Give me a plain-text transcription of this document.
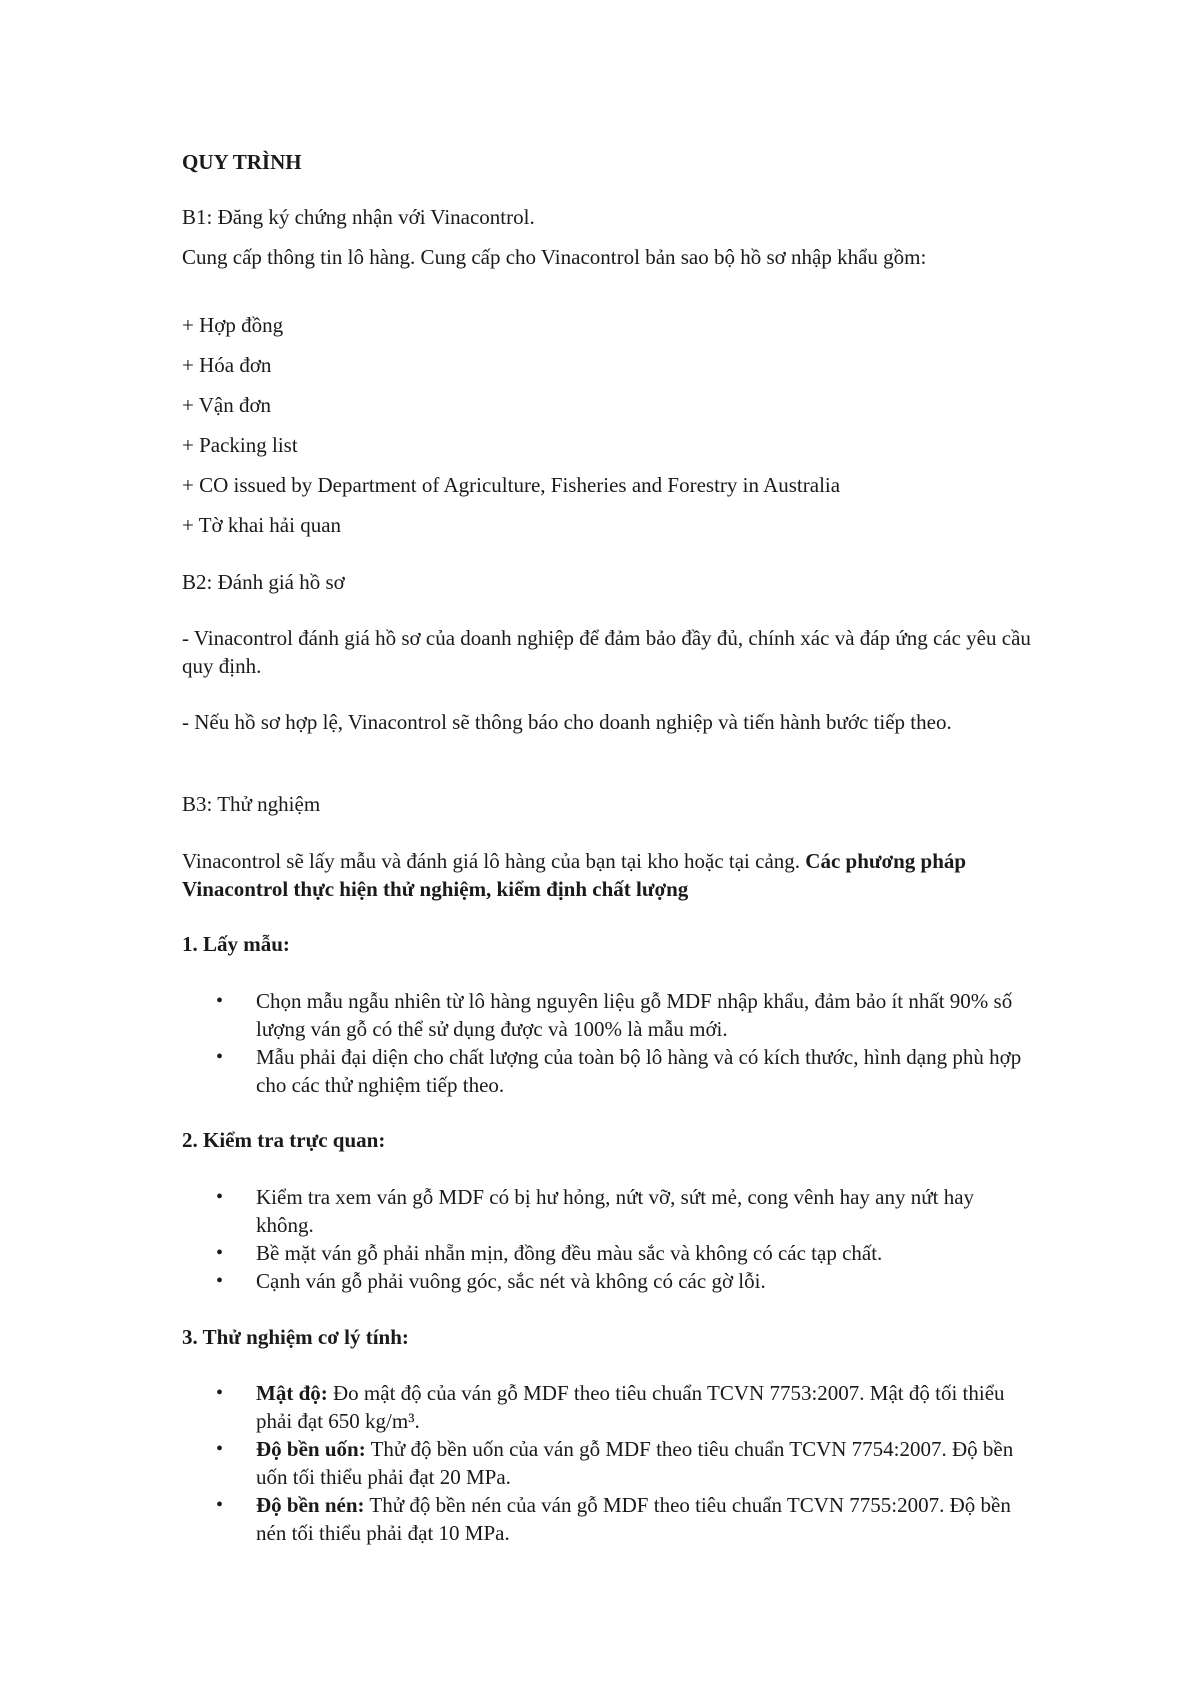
QUY TRÌNH
B1: Đăng ký chứng nhận với Vinacontrol.
Cung cấp thông tin lô hàng. Cung cấp cho Vinacontrol bản sao bộ hồ sơ nhập khẩu gồm:
+ Hợp đồng
+ Hóa đơn
+ Vận đơn
+ Packing list
+ CO issued by Department of Agriculture, Fisheries and Forestry in Australia
+ Tờ khai hải quan
B2: Đánh giá hồ sơ
- Vinacontrol đánh giá hồ sơ của doanh nghiệp để đảm bảo đầy đủ, chính xác và đáp ứng các yêu cầu quy định.
- Nếu hồ sơ hợp lệ, Vinacontrol sẽ thông báo cho doanh nghiệp và tiến hành bước tiếp theo.
B3: Thử nghiệm
Vinacontrol sẽ lấy mẫu và đánh giá lô hàng của bạn tại kho hoặc tại cảng. Các phương pháp Vinacontrol thực hiện thử nghiệm, kiểm định chất lượng
1. Lấy mẫu:
• Chọn mẫu ngẫu nhiên từ lô hàng nguyên liệu gỗ MDF nhập khẩu, đảm bảo ít nhất 90% số lượng ván gỗ có thể sử dụng được và 100% là mẫu mới.
• Mẫu phải đại diện cho chất lượng của toàn bộ lô hàng và có kích thước, hình dạng phù hợp cho các thử nghiệm tiếp theo.
2. Kiểm tra trực quan:
• Kiểm tra xem ván gỗ MDF có bị hư hỏng, nứt vỡ, sứt mẻ, cong vênh hay any nứt hay không.
• Bề mặt ván gỗ phải nhẵn mịn, đồng đều màu sắc và không có các tạp chất.
• Cạnh ván gỗ phải vuông góc, sắc nét và không có các gờ lỗi.
3. Thử nghiệm cơ lý tính:
• Mật độ: Đo mật độ của ván gỗ MDF theo tiêu chuẩn TCVN 7753:2007. Mật độ tối thiểu phải đạt 650 kg/m³.
• Độ bền uốn: Thử độ bền uốn của ván gỗ MDF theo tiêu chuẩn TCVN 7754:2007. Độ bền uốn tối thiểu phải đạt 20 MPa.
• Độ bền nén: Thử độ bền nén của ván gỗ MDF theo tiêu chuẩn TCVN 7755:2007. Độ bền nén tối thiểu phải đạt 10 MPa.
